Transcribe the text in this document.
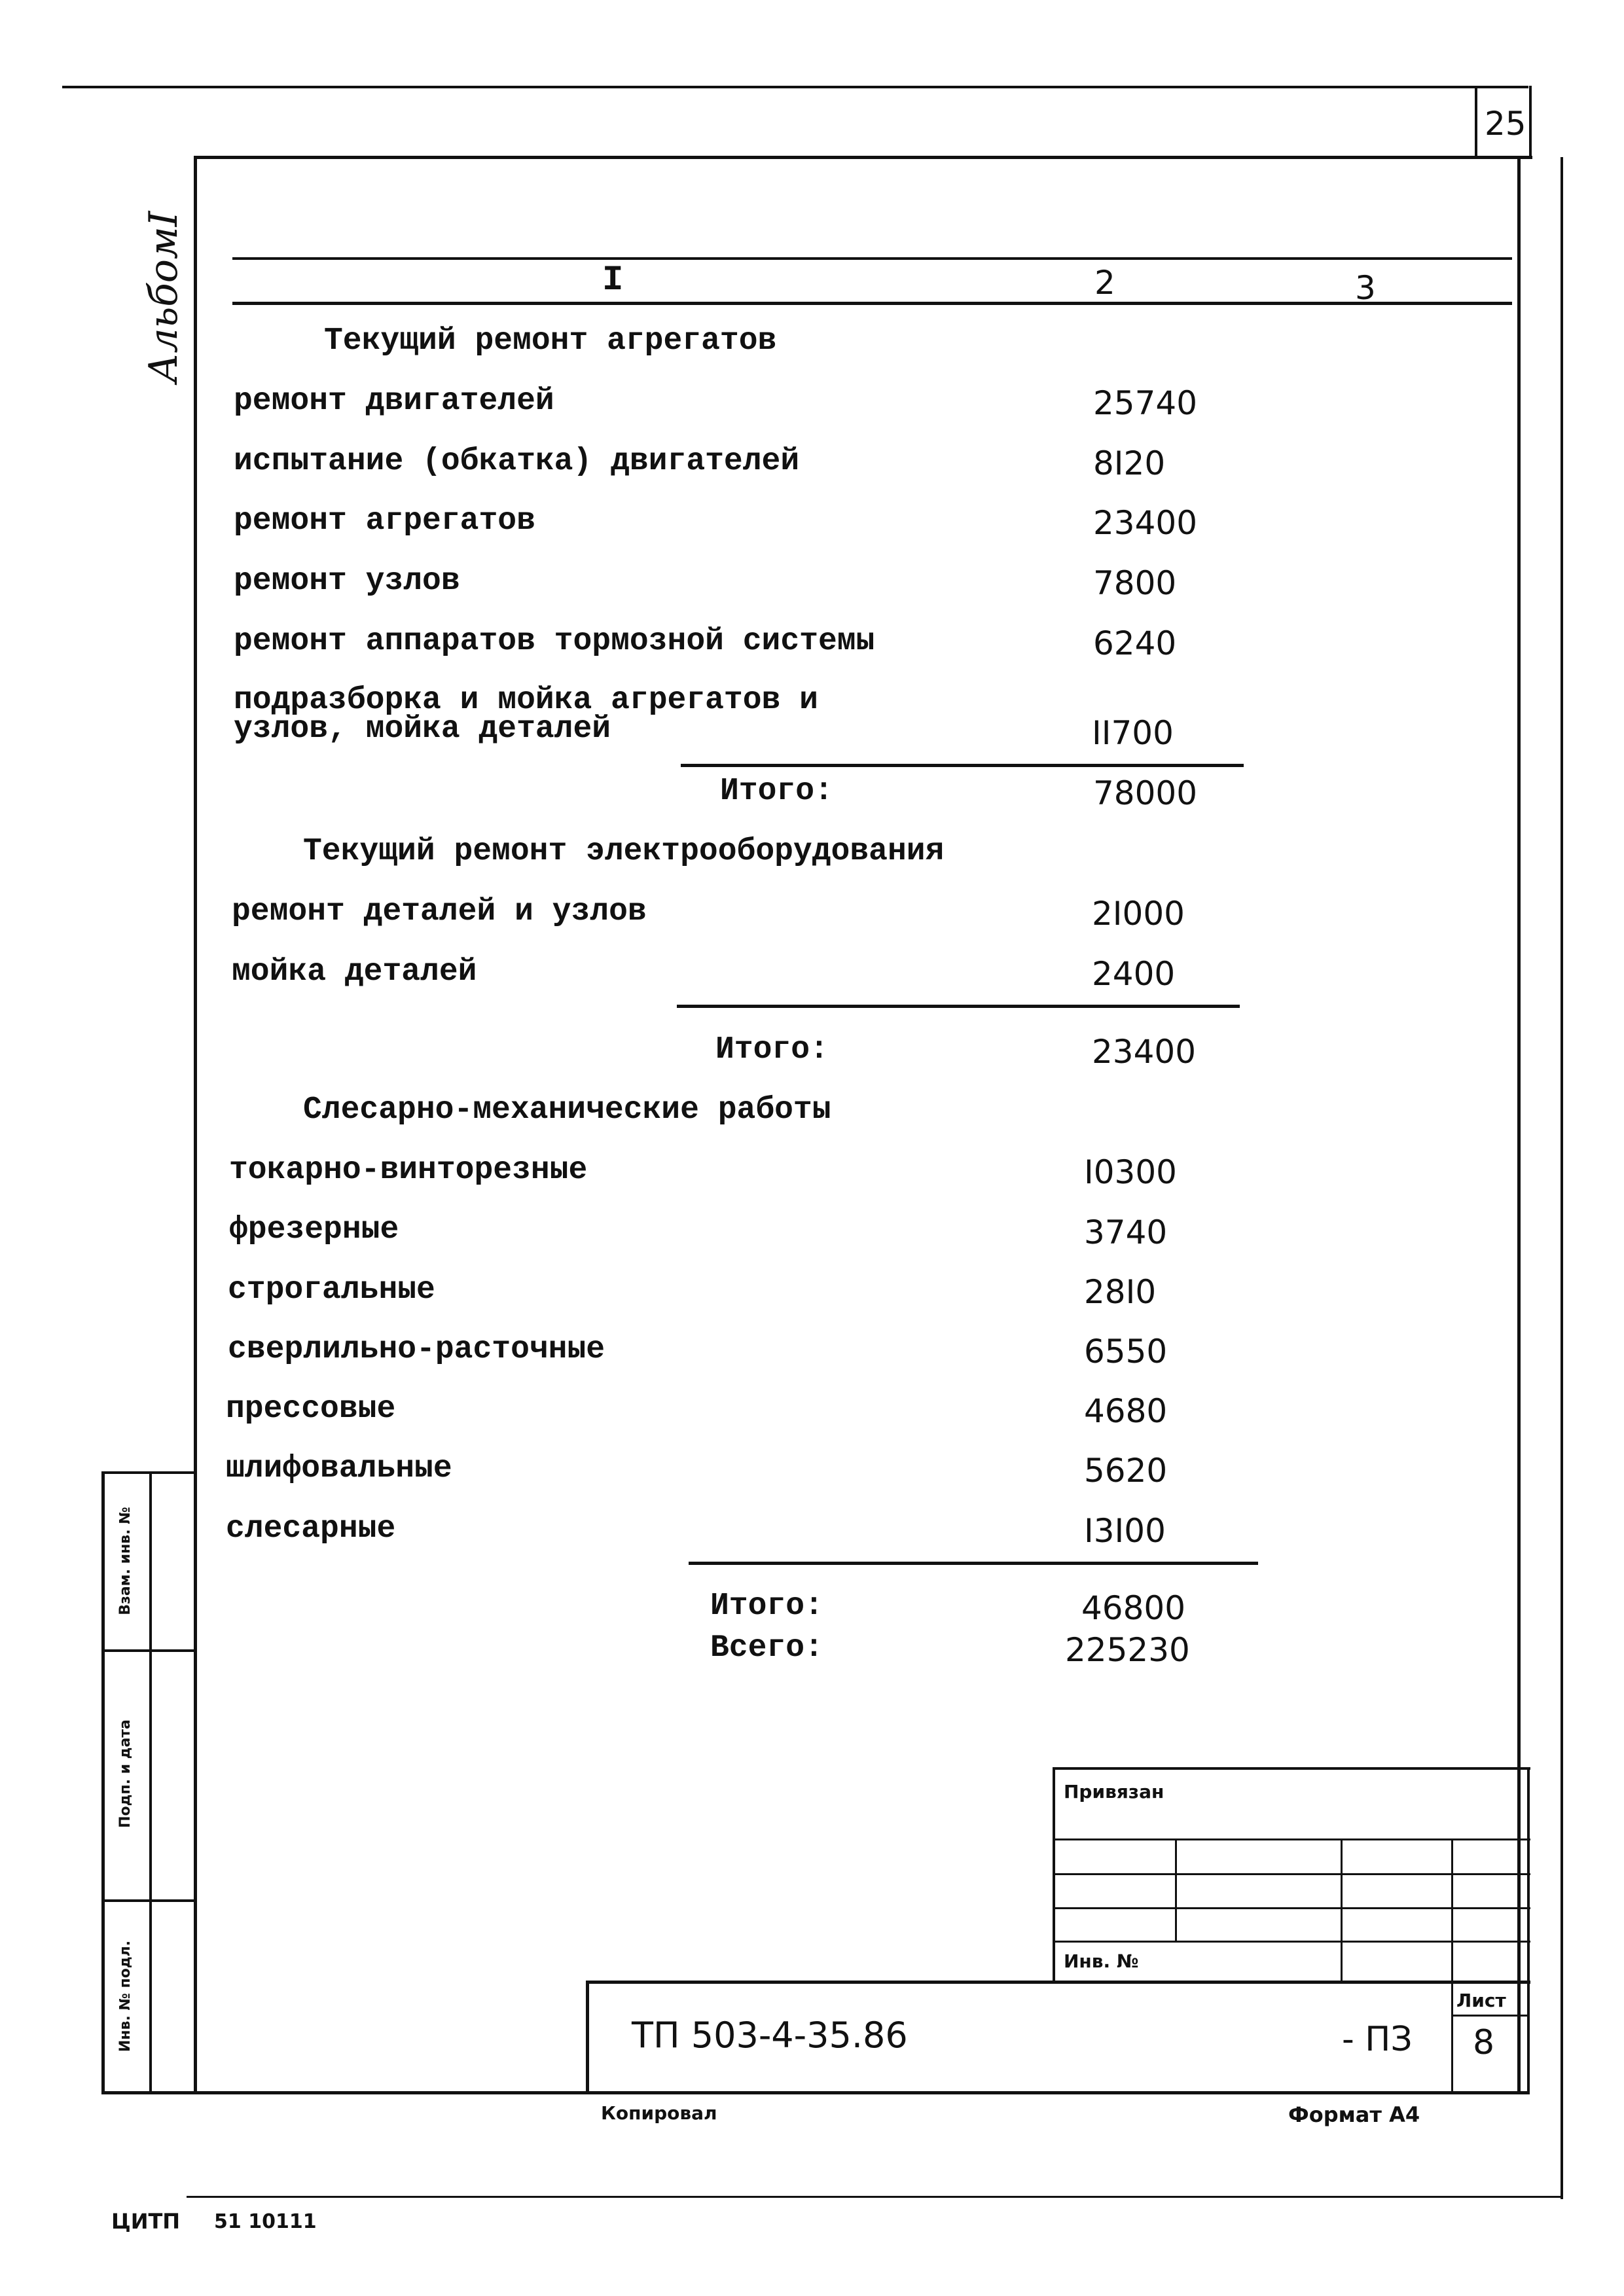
25
АльбомI	I	2	3
Текущий ремонт агрегатов
ремонт двигателей	25740
испытание (обкатка) двигателей	8I20
ремонт агрегатов	23400
ремонт узлов	7800
ремонт аппаратов тормозной системы	6240
подразборка и мойка агрегатов и
узлов, мойка деталей	II700
Итого:	78000
Текущий ремонт электрооборудования
ремонт деталей и узлов	2I000
мойка деталей	2400
Итого:	23400
Слесарно-механические работы
токарно-винторезные	I0300
фрезерные	3740
строгальные	28I0
сверлильно-расточные	6550
прессовые	4680
шлифовальные	5620
слесарные	I3I00
Итого:	46800
Всего:	225230
Взам. инв. №
Подп. и дата
Инв. № подл.
Привязан
Инв. №
Лист
8
ТП 503-4-35.86	- ПЗ
Копировал	Формат А4
ЦИТП 51 10111
